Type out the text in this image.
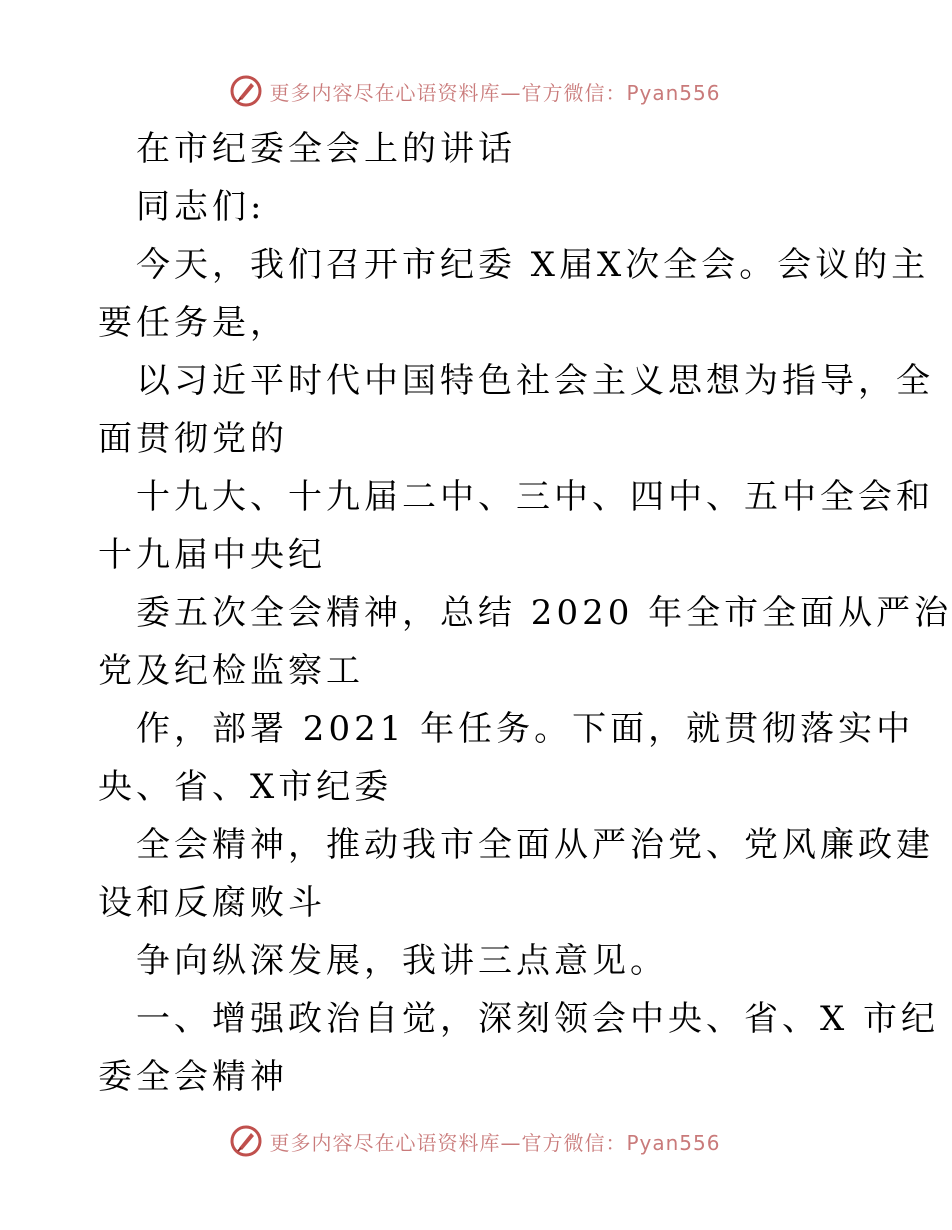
更多内容尽在心语资料库—官方微信：Pyan556
在市纪委全会上的讲话
同志们:
今天，我们召开市纪委 X届X次全会。会议的主
要任务是，
以习近平时代中国特色社会主义思想为指导，全
面贯彻党的
十九大、十九届二中、三中、四中、五中全会和
十九届中央纪
委五次全会精神，总结 2020 年全市全面从严治
党及纪检监察工
作，部署 2021 年任务。下面，就贯彻落实中
央、省、X市纪委
全会精神，推动我市全面从严治党、党风廉政建
设和反腐败斗
争向纵深发展，我讲三点意见。
一、增强政治自觉，深刻领会中央、省、X 市纪
委全会精神
更多内容尽在心语资料库—官方微信：Pyan556
